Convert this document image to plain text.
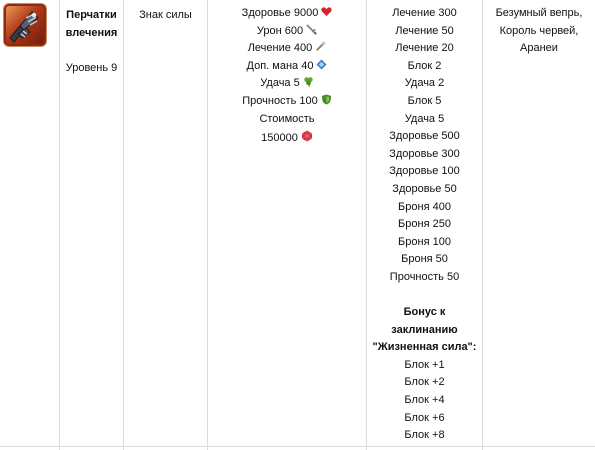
Перчатки
влечения
Уровень 9
Знак силы	Здоровье 9000
Урон 600
Лечение 400
Доп. мана 40
Удача 5
Прочность 100
Стоимость
150000
Лечение 300
Лечение 50
Лечение 20
Блок 2
Удача 2
Блок 5
Удача 5
Здоровье 500
Здоровье 300
Здоровье 100
Здоровье 50
Броня 400
Броня 250
Броня 100
Броня 50
Прочность 50
Бонус к
заклинанию
"Жизненная сила":
Блок +1
Блок +2
Блок +4
Блок +6
Блок +8
Безумный вепрь,
Король червей,
Аранеи
